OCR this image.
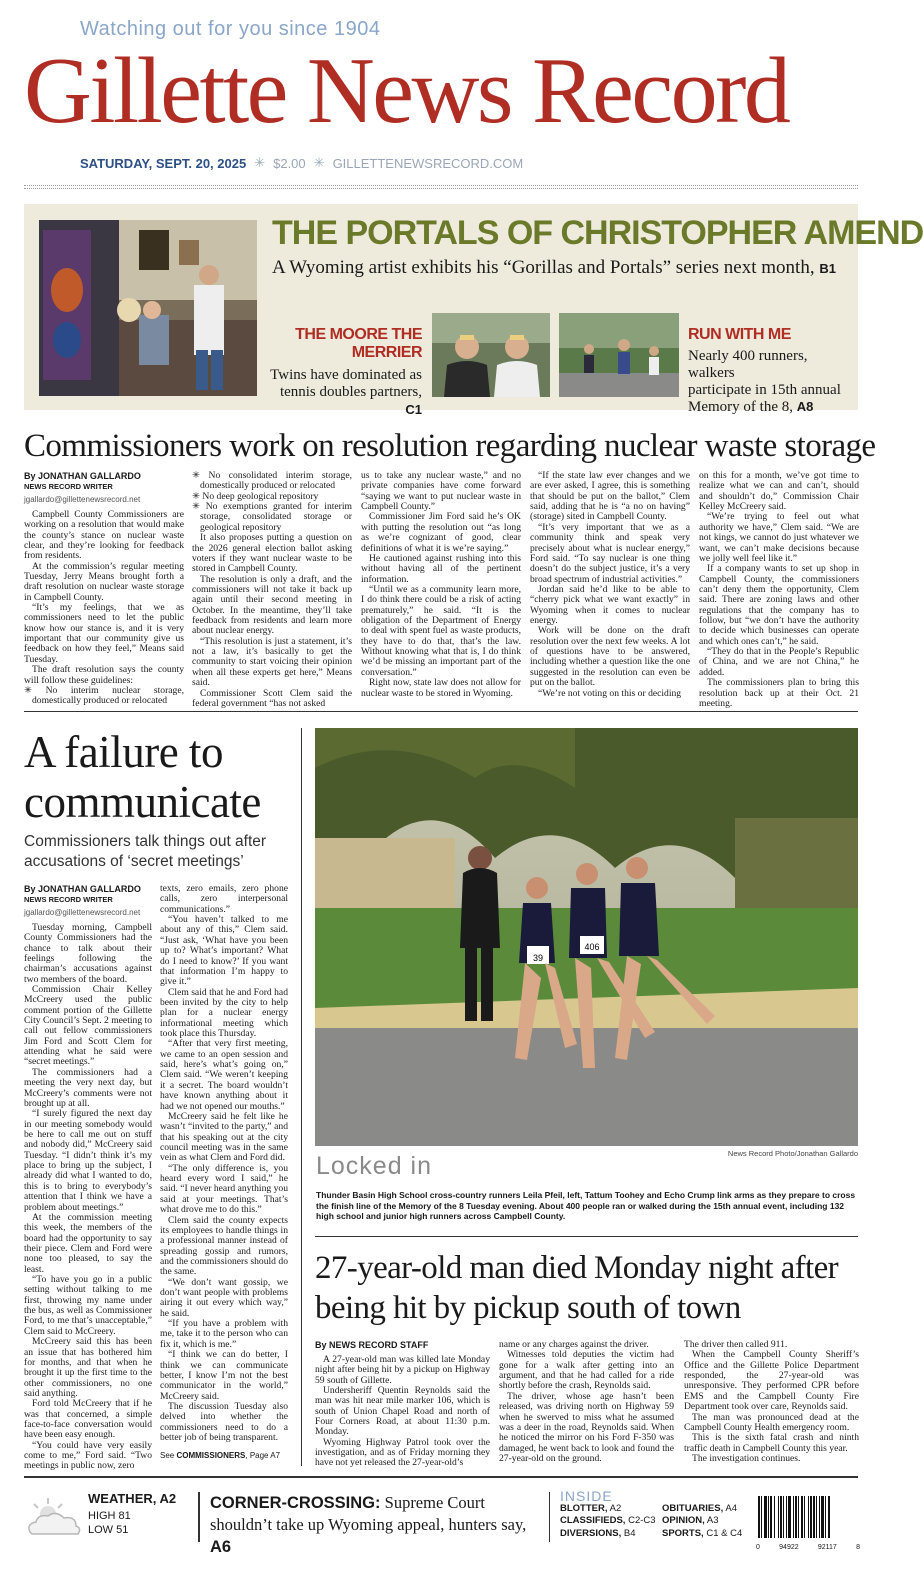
Watching out for you since 1904
Gillette News Record
SATURDAY, SEPT. 20, 2025 ✳ $2.00 ✳ GILLETTENEWSRECORD.COM
THE PORTALS OF CHRISTOPHER AMEND
A Wyoming artist exhibits his “Gorillas and Portals” series next month, B1
THE MOORE THE
MERRIER
Twins have dominated as
tennis doubles partners, C1
RUN WITH ME
Nearly 400 runners, walkers
participate in 15th annual
Memory of the 8, A8
Commissioners work on resolution regarding nuclear waste storage
By JONATHAN GALLARDO
NEWS RECORD WRITER
jgallardo@gillettenewsrecord.net

Campbell County Commissioners are working on a resolution that would make the county’s stance on nuclear waste clear, and they’re looking for feedback from residents.

At the commission’s regular meeting Tuesday, Jerry Means brought forth a draft resolution on nuclear waste storage in Campbell County.

“It’s my feelings, that we as commissioners need to let the public know how our stance is, and it is very important that our community give us feedback on how they feel,” Means said Tuesday.

The draft resolution says the county will follow these guidelines:

✳ No interim nuclear storage, domestically produced or relocated
✳ No consolidated interim storage, domestically produced or relocated
✳ No deep geological repository
✳ No exemptions granted for interim storage, consolidated storage or geological repository

It also proposes putting a question on the 2026 general election ballot asking voters if they want nuclear waste to be stored in Campbell County.

The resolution is only a draft, and the commissioners will not take it back up again until their second meeting in October. In the meantime, they’ll take feedback from residents and learn more about nuclear energy.

“This resolution is just a statement, it’s not a law, it’s basically to get the community to start voicing their opinion when all these experts get here,” Means said.

Commissioner Scott Clem said the federal government “has not asked

us to take any nuclear waste,” and no private companies have come forward “saying we want to put nuclear waste in Campbell County.”

Commissioner Jim Ford said he’s OK with putting the resolution out “as long as we’re cognizant of good, clear definitions of what it is we’re saying.”

He cautioned against rushing into this without having all of the pertinent information.

“Until we as a community learn more, I do think there could be a risk of acting prematurely,” he said. “It is the obligation of the Department of Energy to deal with spent fuel as waste products, they have to do that, that’s the law. Without knowing what that is, I do think we’d be missing an important part of the conversation.”

Right now, state law does not allow for nuclear waste to be stored in Wyoming.

“If the state law ever changes and we are ever asked, I agree, this is something that should be put on the ballot,” Clem said, adding that he is “a no on having” (storage) sited in Campbell County.

“It’s very important that we as a community think and speak very precisely about what is nuclear energy,” Ford said. “To say nuclear is one thing doesn’t do the subject justice, it’s a very broad spectrum of industrial activities.”

Jordan said he’d like to be able to “cherry pick what we want exactly” in Wyoming when it comes to nuclear energy.

Work will be done on the draft resolution over the next few weeks. A lot of questions have to be answered, including whether a question like the one suggested in the resolution can even be put on the ballot.

“We’re not voting on this or deciding

on this for a month, we’ve got time to realize what we can and can’t, should and shouldn’t do,” Commission Chair Kelley McCreery said.

“We’re trying to feel out what authority we have,” Clem said. “We are not kings, we cannot do just whatever we want, we can’t make decisions because we jolly well feel like it.”

If a company wants to set up shop in Campbell County, the commissioners can’t deny them the opportunity, Clem said. There are zoning laws and other regulations that the company has to follow, but “we don’t have the authority to decide which businesses can operate and which ones can’t,” he said.

“They do that in the People’s Republic of China, and we are not China,” he added.

The commissioners plan to bring this resolution back up at their Oct. 21 meeting.

A failure to
communicate
Commissioners talk things out after accusations of ‘secret meetings’
By JONATHAN GALLARDO
NEWS RECORD WRITER
jgallardo@gillettenewsrecord.net

Tuesday morning, Campbell County Commissioners had the chance to talk about their feelings following the chairman’s accusations against two members of the board.

Commission Chair Kelley McCreery used the public comment portion of the Gillette City Council’s Sept. 2 meeting to call out fellow commissioners Jim Ford and Scott Clem for attending what he said were “secret meetings.”

The commissioners had a meeting the very next day, but McCreery’s comments were not brought up at all.

“I surely figured the next day in our meeting somebody would be here to call me out on stuff and nobody did,” McCreery said Tuesday. “I didn’t think it’s my place to bring up the subject, I already did what I wanted to do, this is to bring to everybody’s attention that I think we have a problem about meetings.”

At the commission meeting this week, the members of the board had the opportunity to say their piece. Clem and Ford were none too pleased, to say the least.

“To have you go in a public setting without talking to me first, throwing my name under the bus, as well as Commissioner Ford, to me that’s unacceptable,” Clem said to McCreery.

McCreery said this has been an issue that has bothered him for months, and that when he brought it up the first time to the other commissioners, no one said anything.

Ford told McCreery that if he was that concerned, a simple face-to-face conversation would have been easy enough.

“You could have very easily come to me,” Ford said. “Two meetings in public now, zero

texts, zero emails, zero phone calls, zero interpersonal communications.”

“You haven’t talked to me about any of this,” Clem said. “Just ask, ‘What have you been up to? What’s important? What do I need to know?’ If you want that information I’m happy to give it.”

Clem said that he and Ford had been invited by the city to help plan for a nuclear energy informational meeting which took place this Thursday.

“After that very first meeting, we came to an open session and said, here’s what’s going on,” Clem said. “We weren’t keeping it a secret. The board wouldn’t have known anything about it had we not opened our mouths.”

McCreery said he felt like he wasn’t “invited to the party,” and that his speaking out at the city council meeting was in the same vein as what Clem and Ford did.

“The only difference is, you heard every word I said,” he said. “I never heard anything you said at your meetings. That’s what drove me to do this.”

Clem said the county expects its employees to handle things in a professional manner instead of spreading gossip and rumors, and the commissioners should do the same.

“We don’t want gossip, we don’t want people with problems airing it out every which way,” he said.

“If you have a problem with me, take it to the person who can fix it, which is me.”

“I think we can do better, I think we can communicate better, I know I’m not the best communicator in the world,” McCreery said.

The discussion Tuesday also delved into whether the commissioners need to do a better job of being transparent.

See COMMISSIONERS, Page A7
39
406
News Record Photo/Jonathan Gallardo
Locked in
Thunder Basin High School cross-country runners Leila Pfeil, left, Tattum Toohey and Echo Crump link arms as they prepare to cross the finish line of the Memory of the 8 Tuesday evening. About 400 people ran or walked during the 15th annual event, including 132 high school and junior high runners across Campbell County.
27-year-old man died Monday night after being hit by pickup south of town
By NEWS RECORD STAFF

A 27-year-old man was killed late Monday night after being hit by a pickup on Highway 59 south of Gillette.

Undersheriff Quentin Reynolds said the man was hit near mile marker 106, which is south of Union Chapel Road and north of Four Corners Road, at about 11:30 p.m. Monday.

Wyoming Highway Patrol took over the investigation, and as of Friday morning they have not yet released the 27-year-old’s

name or any charges against the driver.

Witnesses told deputies the victim had gone for a walk after getting into an argument, and that he had called for a ride shortly before the crash, Reynolds said.

The driver, whose age hasn’t been released, was driving north on Highway 59 when he swerved to miss what he assumed was a deer in the road, Reynolds said. When he noticed the mirror on his Ford F-350 was damaged, he went back to look and found the 27-year-old on the ground.

The driver then called 911.

When the Campbell County Sheriff’s Office and the Gillette Police Department responded, the 27-year-old was unresponsive. They performed CPR before EMS and the Campbell County Fire Department took over care, Reynolds said.

The man was pronounced dead at the Campbell County Health emergency room.

This is the sixth fatal crash and ninth traffic death in Campbell County this year.

The investigation continues.

WEATHER, A2
HIGH 81
LOW 51
CORNER-CROSSING: Supreme Court shouldn’t take up Wyoming appeal, hunters say, A6
INSIDE
BLOTTER, A2
CLASSIFIEDS, C2-C3
DIVERSIONS, B4
OBITUARIES, A4
OPINION, A3
SPORTS, C1 & C4
0	94922	92117	8
